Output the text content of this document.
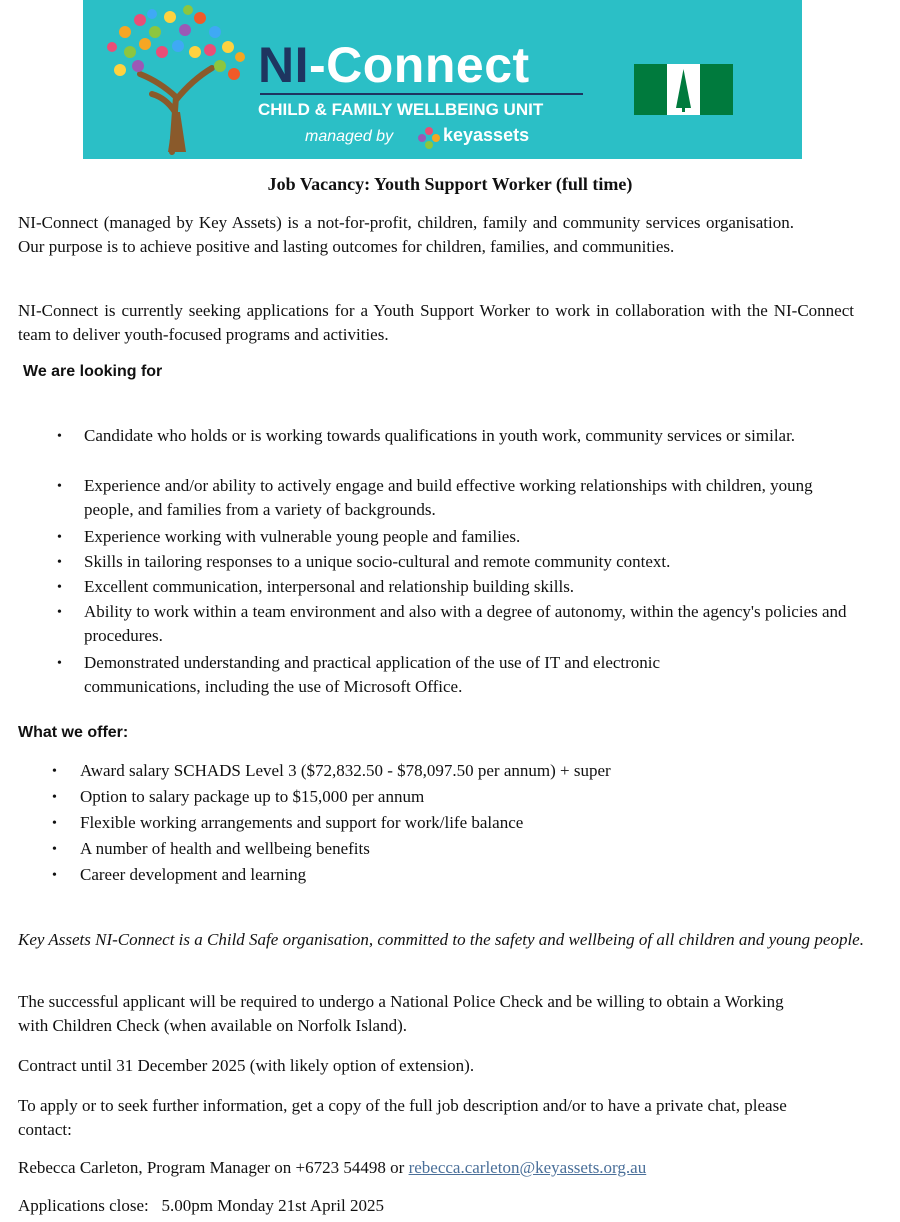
NI-Connect
CHILD & FAMILY WELLBEING UNIT
managed by	keyassets
Job Vacancy: Youth Support Worker (full time)

NI-Connect (managed by Key Assets) is a not-for-profit, children, family and community services organisation. Our purpose is to achieve positive and lasting outcomes for children, families, and communities.

NI-Connect is currently seeking applications for a Youth Support Worker to work in collaboration with the NI-Connect team to deliver youth-focused programs and activities.

We are looking for
• Candidate who holds or is working towards qualifications in youth work, community services or similar.
• Experience and/or ability to actively engage and build effective working relationships with children, young people, and families from a variety of backgrounds.
• Experience working with vulnerable young people and families.
• Skills in tailoring responses to a unique socio-cultural and remote community context.
• Excellent communication, interpersonal and relationship building skills.
• Ability to work within a team environment and also with a degree of autonomy, within the agency's policies and procedures.
• Demonstrated understanding and practical application of the use of IT and electronic communications, including the use of Microsoft Office.
What we offer:
• Award salary SCHADS Level 3 ($72,832.50 - $78,097.50 per annum) + super
• Option to salary package up to $15,000 per annum
• Flexible working arrangements and support for work/life balance
• A number of health and wellbeing benefits
• Career development and learning

Key Assets NI-Connect is a Child Safe organisation, committed to the safety and wellbeing of all children and young people.

The successful applicant will be required to undergo a National Police Check and be willing to obtain a Working with Children Check (when available on Norfolk Island).

Contract until 31 December 2025 (with likely option of extension).

To apply or to seek further information, get a copy of the full job description and/or to have a private chat, please contact:

Rebecca Carleton, Program Manager on +6723 54498 or rebecca.carleton@keyassets.org.au

Applications close: 5.00pm Monday 21st April 2025
